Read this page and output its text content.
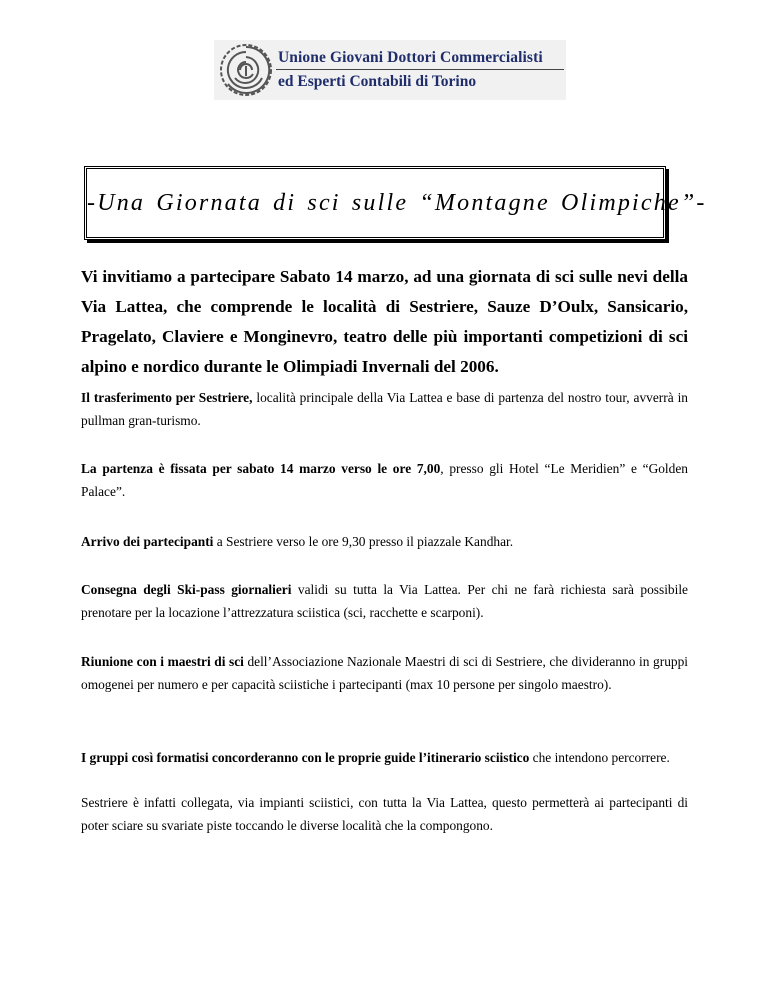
Unione Giovani Dottori Commercialisti
ed Esperti Contabili di Torino
-Una Giornata di sci sulle “Montagne Olimpiche”-
Vi invitiamo a partecipare Sabato 14 marzo, ad una giornata di sci sulle nevi della Via Lattea, che comprende le località di Sestriere, Sauze D’Oulx, Sansicario, Pragelato, Claviere e Monginevro, teatro delle più importanti competizioni di sci alpino e nordico durante le Olimpiadi Invernali del 2006.
Il trasferimento per Sestriere, località principale della Via Lattea e base di partenza del nostro tour, avverrà in pullman gran-turismo.
La partenza è fissata per sabato 14 marzo verso le ore 7,00, presso gli Hotel “Le Meridien” e “Golden Palace”.
Arrivo dei partecipanti a Sestriere verso le ore 9,30 presso il piazzale Kandhar.
Consegna degli Ski-pass giornalieri validi su tutta la Via Lattea. Per chi ne farà richiesta sarà possibile prenotare per la locazione l’attrezzatura sciistica (sci, racchette e scarponi).
Riunione con i maestri di sci dell’Associazione Nazionale Maestri di sci di Sestriere, che divideranno in gruppi omogenei per numero e per capacità sciistiche i partecipanti (max 10 persone per singolo maestro).
I gruppi così formatisi concorderanno con le proprie guide l’itinerario sciistico che intendono percorrere.
Sestriere è infatti collegata, via impianti sciistici, con tutta la Via Lattea, questo permetterà ai partecipanti di poter sciare su svariate piste toccando le diverse località che la compongono.
